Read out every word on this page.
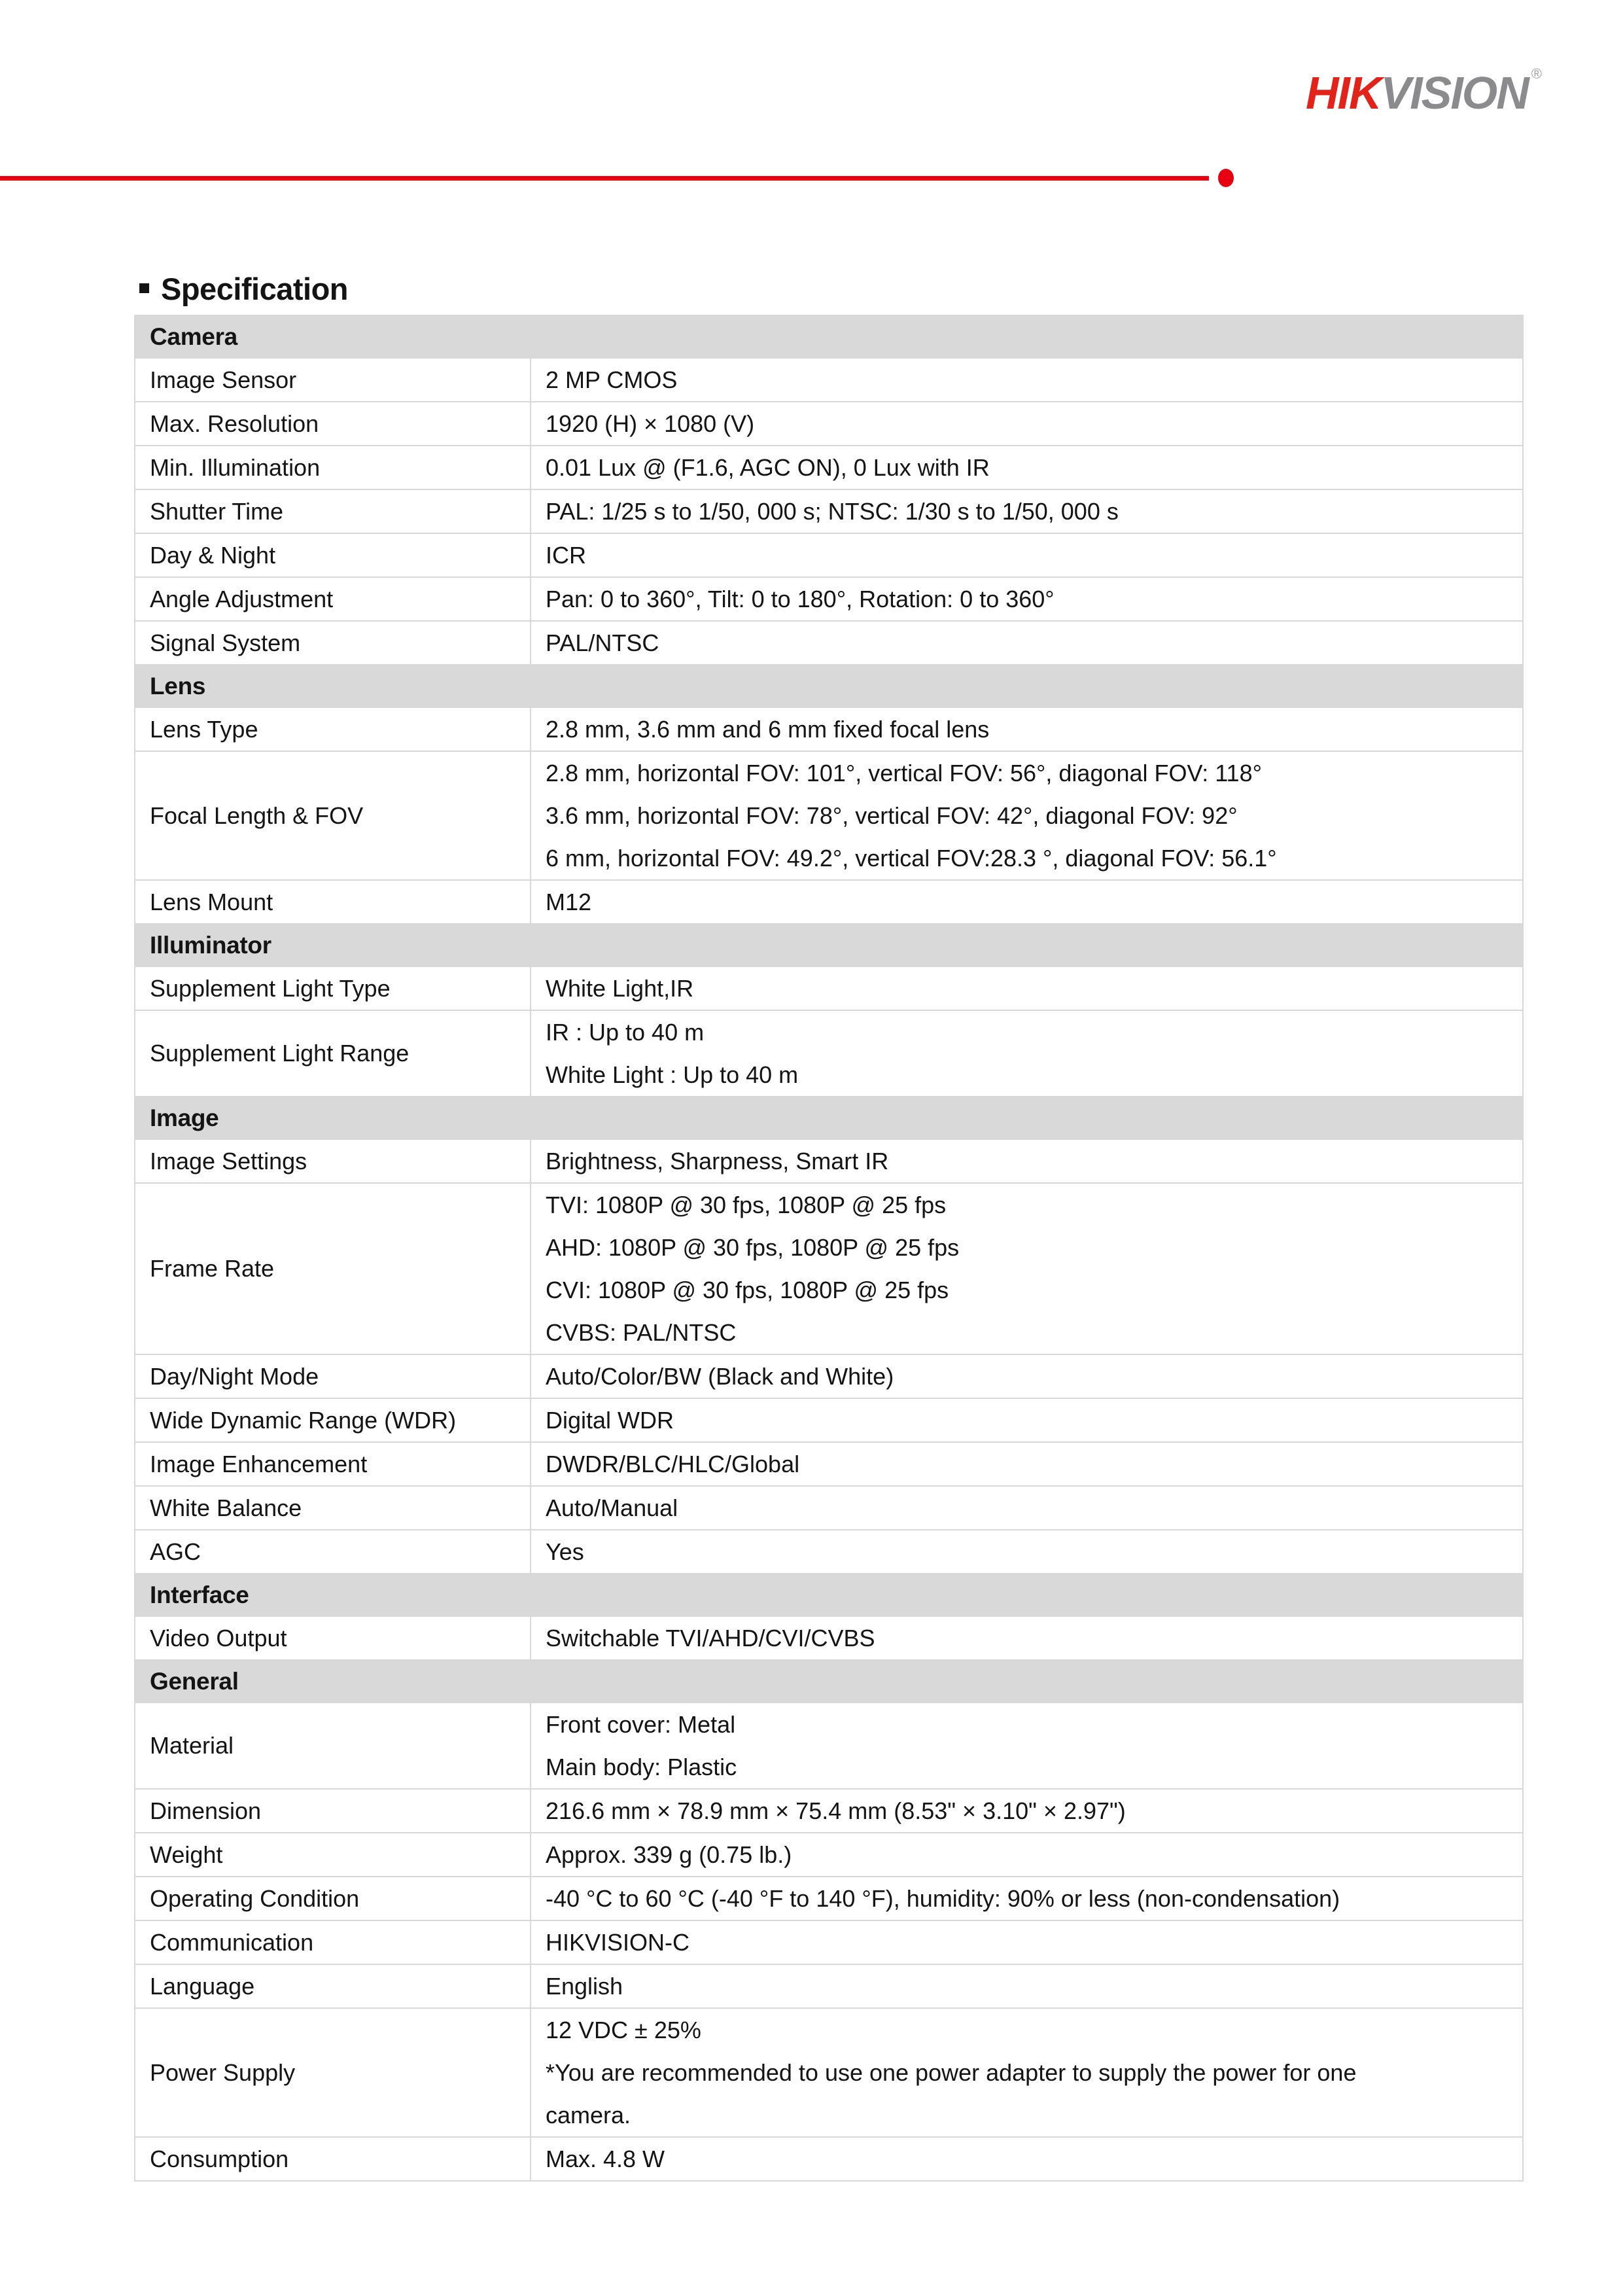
HIKVISION ®
Specification
Camera	
Image Sensor	2 MP CMOS

Max. Resolution	1920 (H) × 1080 (V)

Min. Illumination	0.01 Lux @ (F1.6, AGC ON), 0 Lux with IR

Shutter Time	PAL: 1/25 s to 1/50, 000 s; NTSC: 1/30 s to 1/50, 000 s

Day & Night	ICR

Angle Adjustment	Pan: 0 to 360°, Tilt: 0 to 180°, Rotation: 0 to 360°

Signal System	PAL/NTSC

Lens	
Lens Type	2.8 mm, 3.6 mm and 6 mm fixed focal lens

Focal Length & FOV	2.8 mm, horizontal FOV: 101°, vertical FOV: 56°, diagonal FOV: 118°
3.6 mm, horizontal FOV: 78°, vertical FOV: 42°, diagonal FOV: 92°
6 mm, horizontal FOV: 49.2°, vertical FOV:28.3 °, diagonal FOV: 56.1°

Lens Mount	M12

Illuminator	
Supplement Light Type	White Light,IR

Supplement Light Range	IR : Up to 40 m
White Light : Up to 40 m

Image	
Image Settings	Brightness, Sharpness, Smart IR

Frame Rate	TVI: 1080P @ 30 fps, 1080P @ 25 fps
AHD: 1080P @ 30 fps, 1080P @ 25 fps
CVI: 1080P @ 30 fps, 1080P @ 25 fps
CVBS: PAL/NTSC

Day/Night Mode	Auto/Color/BW (Black and White)

Wide Dynamic Range (WDR)	Digital WDR

Image Enhancement	DWDR/BLC/HLC/Global

White Balance	Auto/Manual

AGC	Yes

Interface	
Video Output	Switchable TVI/AHD/CVI/CVBS

General	
Material	Front cover: Metal
Main body: Plastic

Dimension	216.6 mm × 78.9 mm × 75.4 mm (8.53" × 3.10" × 2.97")

Weight	Approx. 339 g (0.75 lb.)

Operating Condition	-40 °C to 60 °C (-40 °F to 140 °F), humidity: 90% or less (non-condensation)

Communication	HIKVISION-C

Language	English

Power Supply	12 VDC ± 25%
*You are recommended to use one power adapter to supply the power for one
camera.

Consumption	Max. 4.8 W
